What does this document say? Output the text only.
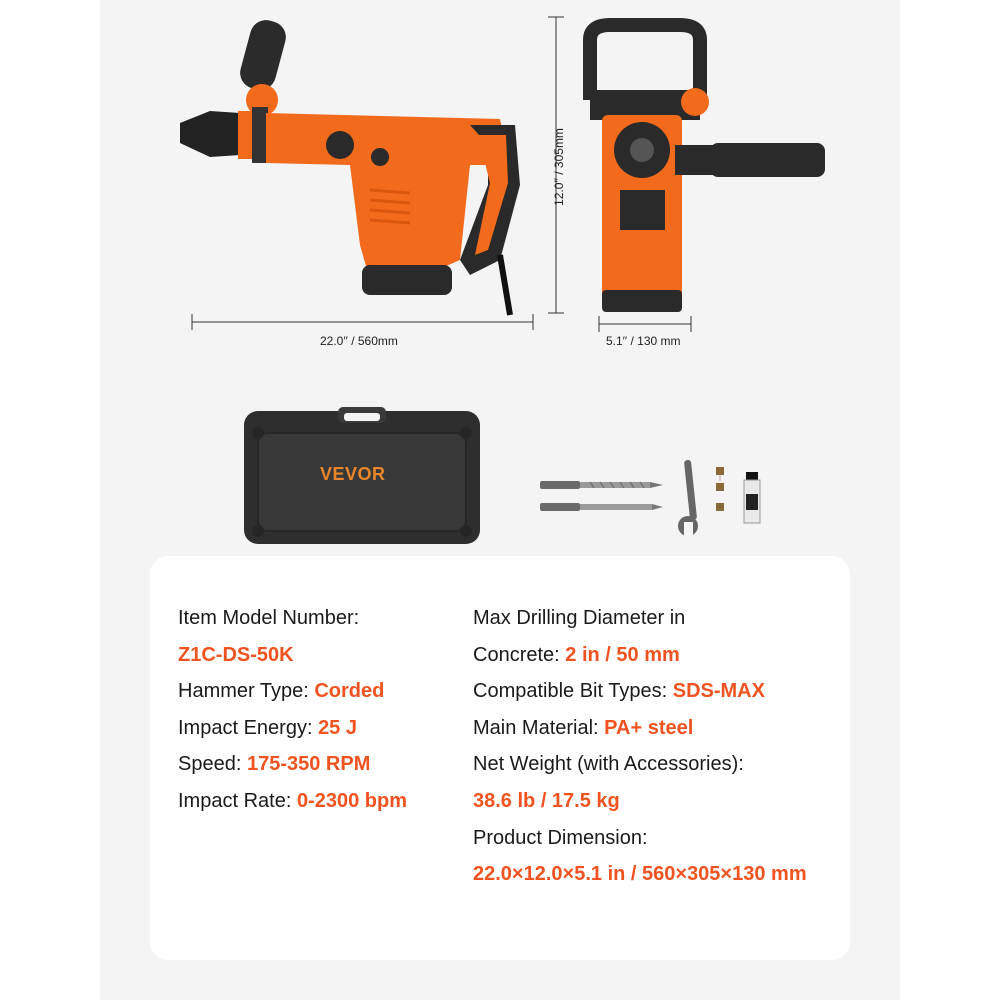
22.0′′ / 560mm
12.0′′ / 305mm
5.1′′ / 130 mm
VEVOR
Item Model Number:
Z1C-DS-50K
Hammer Type: Corded
Impact Energy: 25 J
Speed: 175-350 RPM
Impact Rate: 0-2300 bpm
Max Drilling Diameter in
Concrete: 2 in / 50 mm
Compatible Bit Types: SDS-MAX
Main Material: PA+ steel
Net Weight (with Accessories):
38.6 lb / 17.5 kg
Product Dimension:
22.0×12.0×5.1 in / 560×305×130 mm
